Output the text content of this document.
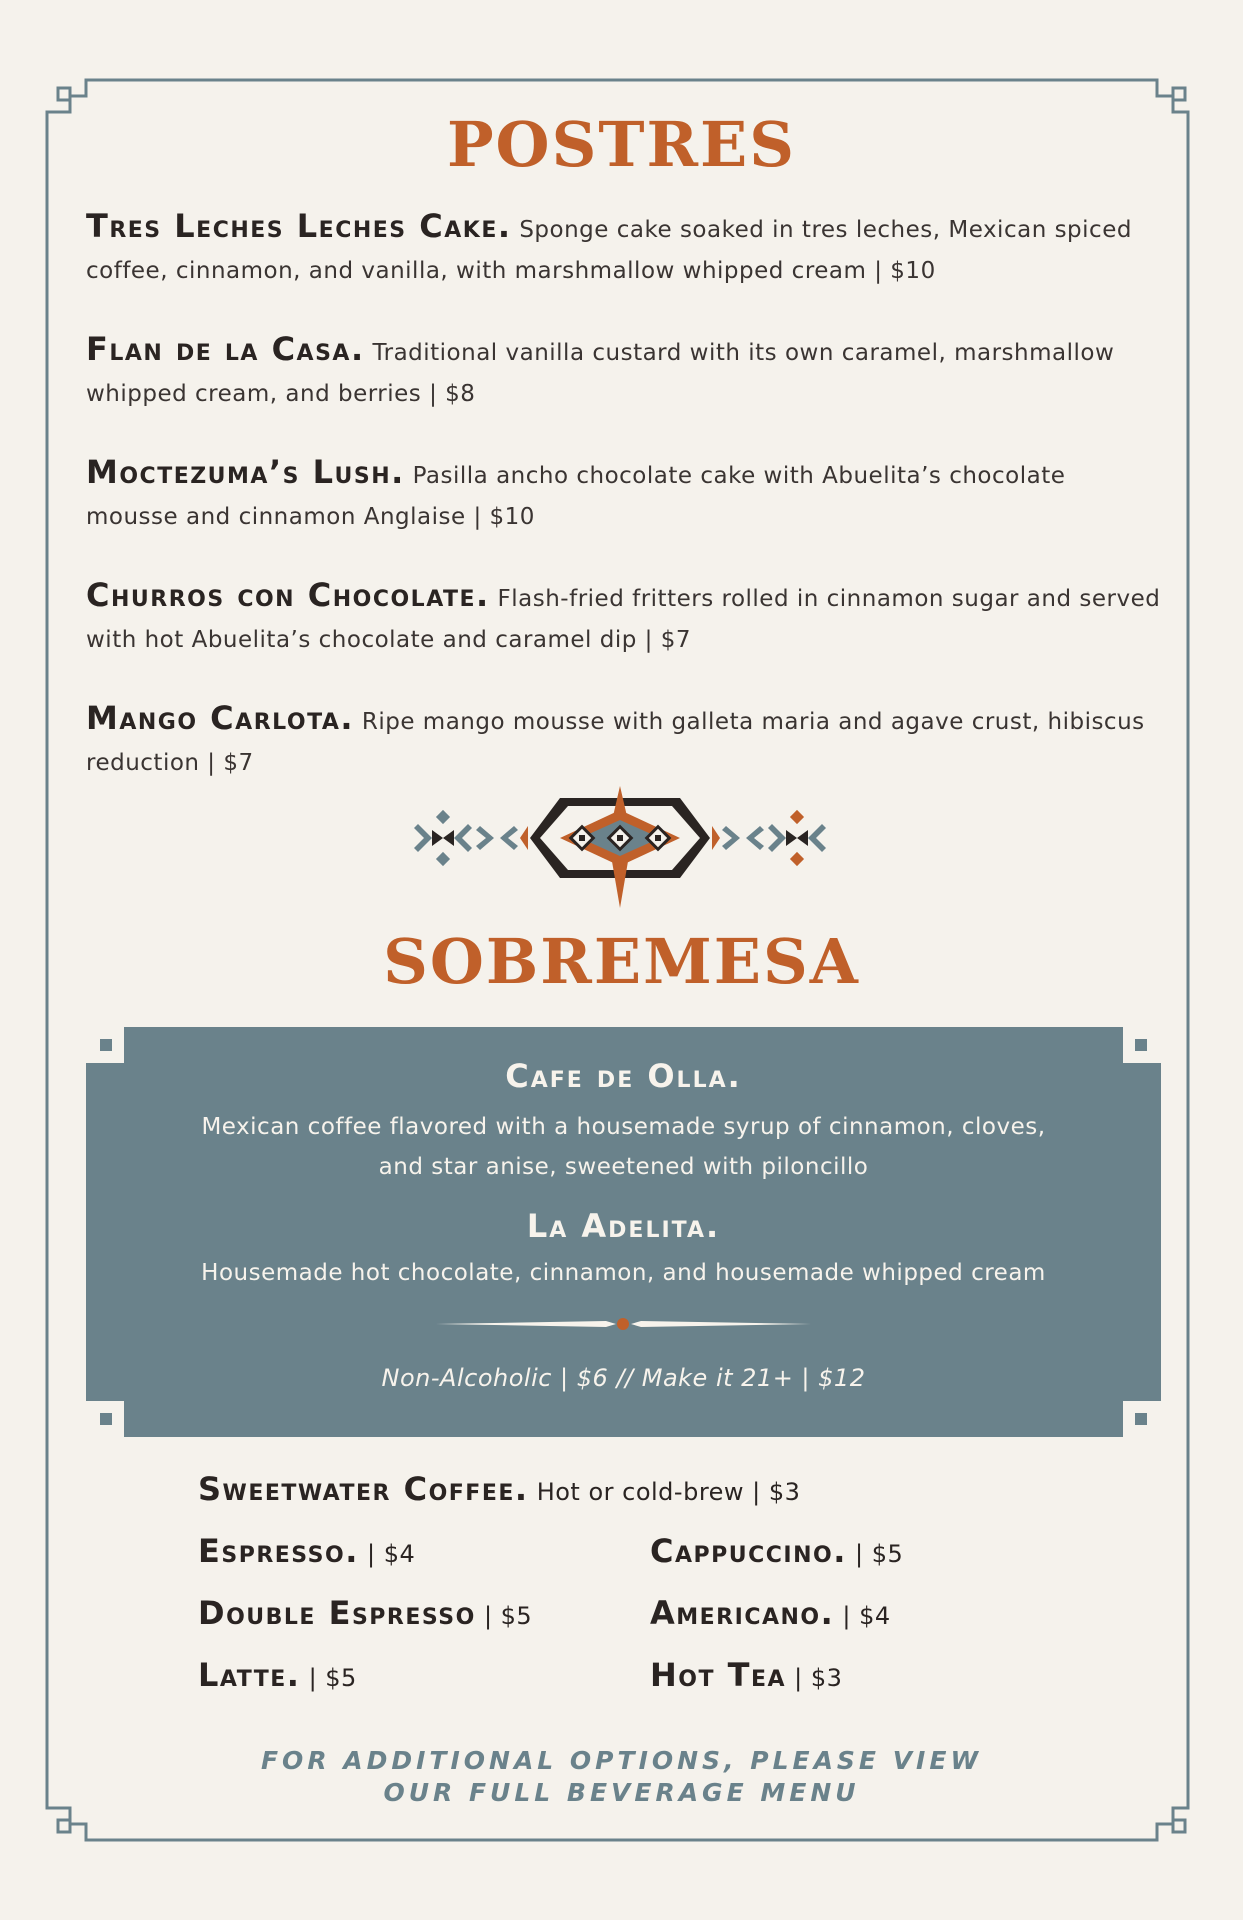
POSTRES
Tres Leches Leches Cake. Sponge cake soaked in tres leches, Mexican spiced coffee, cinnamon, and vanilla, with marshmallow whipped cream | $10
Flan de la Casa. Traditional vanilla custard with its own caramel, marshmallow whipped cream, and berries | $8
Moctezuma’s Lush. Pasilla ancho chocolate cake with Abuelita’s chocolate mousse and cinnamon Anglaise | $10
Churros con Chocolate. Flash-fried fritters rolled in cinnamon sugar and served with hot Abuelita’s chocolate and caramel dip | $7
Mango Carlota. Ripe mango mousse with galleta maria and agave crust, hibiscus reduction | $7
SOBREMESA
Cafe de Olla.
Mexican coffee flavored with a housemade syrup of cinnamon, cloves,
and star anise, sweetened with piloncillo
La Adelita.
Housemade hot chocolate, cinnamon, and housemade whipped cream
Non-Alcoholic | $6 // Make it 21+ | $12
Sweetwater Coffee. Hot or cold-brew | $3
Espresso. | $4
Double Espresso | $5
Latte. | $5
Cappuccino. | $5
Americano. | $4
Hot Tea | $3
FOR ADDITIONAL OPTIONS, PLEASE VIEW
OUR FULL BEVERAGE MENU
